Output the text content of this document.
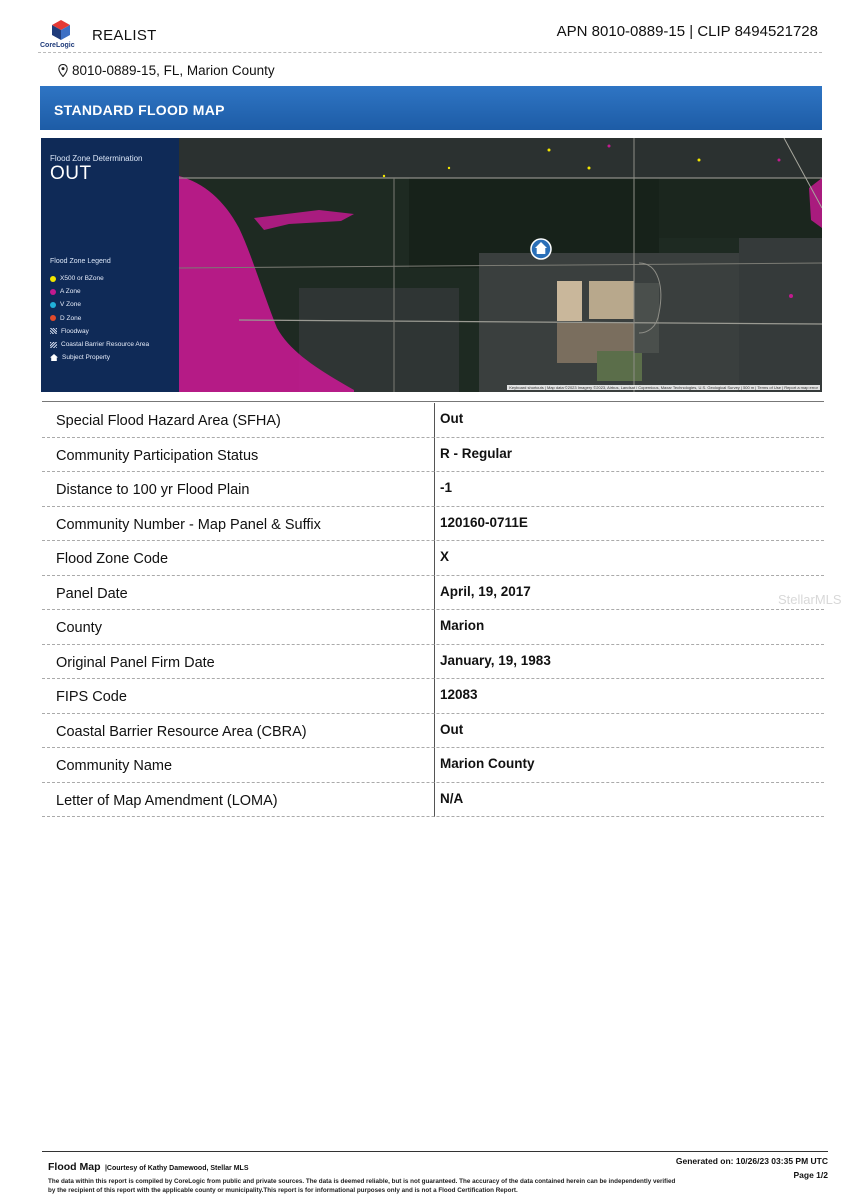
CoreLogic
REALIST	APN 8010-0889-15 | CLIP 8494521728
8010-0889-15, FL, Marion County
STANDARD FLOOD MAP
Flood Zone Determination
OUT
Flood Zone Legend
X500 or BZone
A Zone
V Zone
D Zone
Floodway
Coastal Barrier Resource Area
Subject Property
Keyboard shortcuts | Map data ©2023 Imagery ©2023, Airbus, Landsat / Copernicus, Maxar Technologies, U.S. Geological Survey | 500 m | Terms of Use | Report a map error
Special Flood Hazard Area (SFHA)	Out
Community Participation Status	R - Regular
Distance to 100 yr Flood Plain	-1
Community Number - Map Panel & Suffix	120160-0711E
Flood Zone Code	X
Panel Date	April, 19, 2017
County	Marion
Original Panel Firm Date	January, 19, 1983
FIPS Code	12083
Coastal Barrier Resource Area (CBRA)	Out
Community Name	Marion County
Letter of Map Amendment (LOMA)	N/A
StellarMLS
Flood Map |Courtesy of Kathy Damewood, Stellar MLS
The data within this report is compiled by CoreLogic from public and private sources. The data is deemed reliable, but is not guaranteed. The accuracy of the data contained herein can be independently verified by the recipient of this report with the applicable county or municipality.This report is for informational purposes only and is not a Flood Certification Report.
Generated on: 10/26/23 03:35 PM UTC
Page 1/2
